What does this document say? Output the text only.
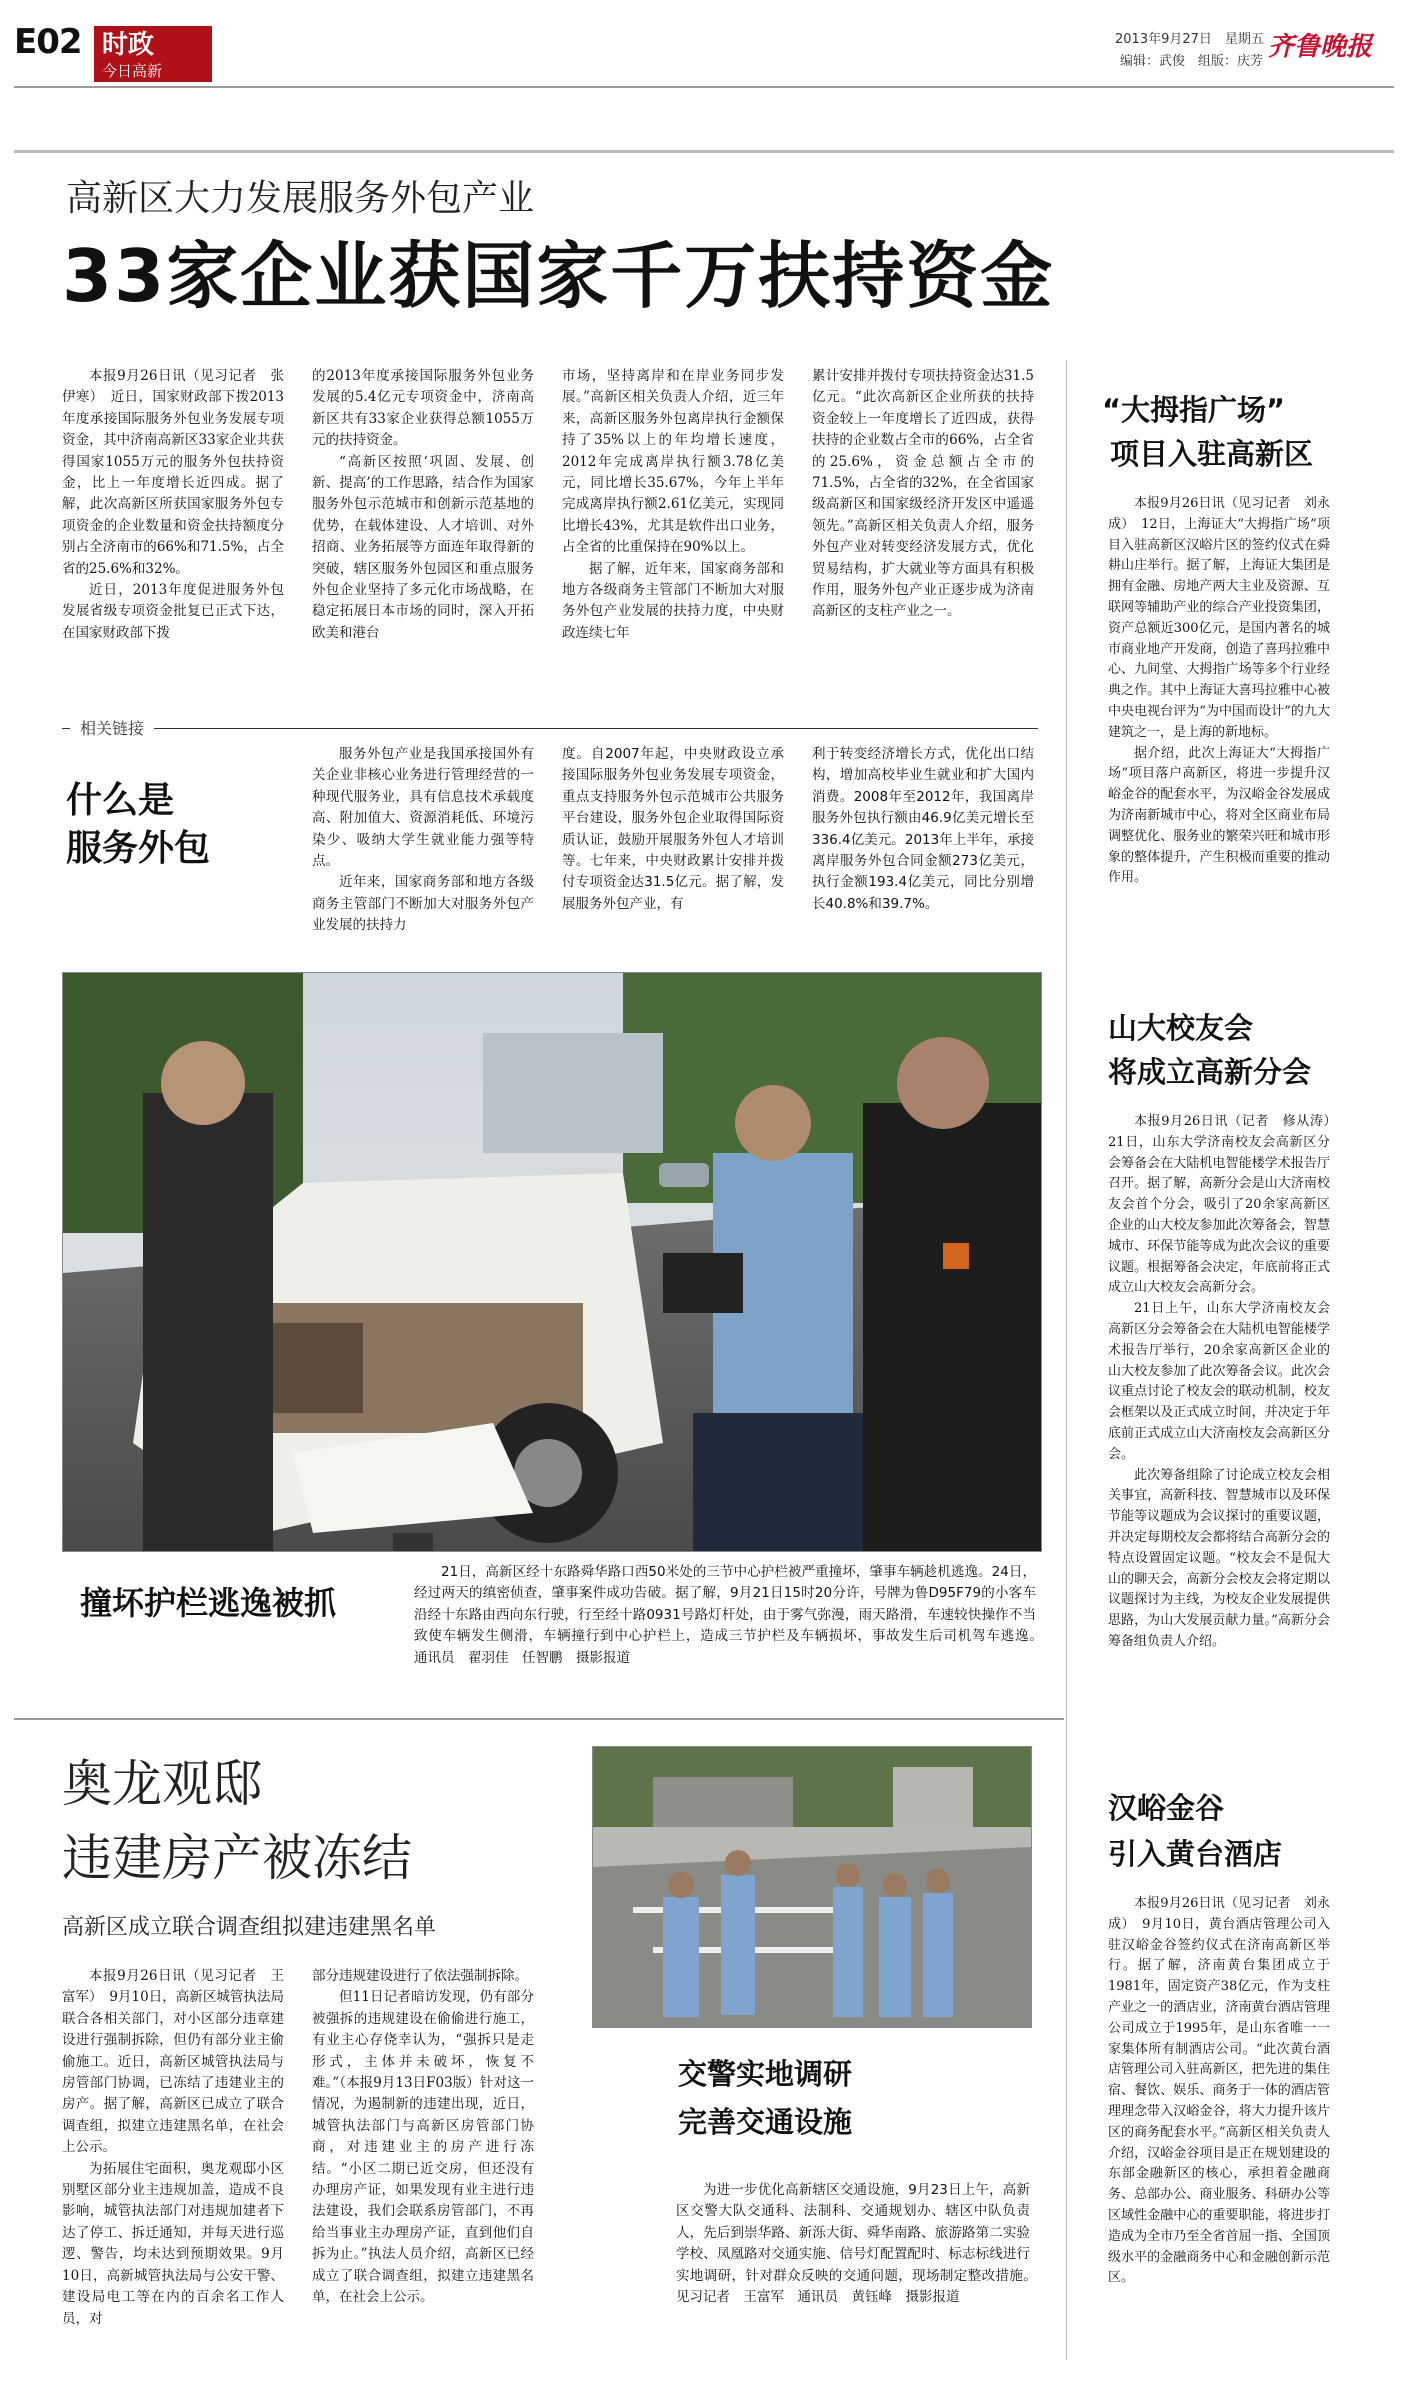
E02 时政
今日高新
2013年9月27日　星期五
编辑：武俊　组版：庆芳 齐鲁晚报
高新区大力发展服务外包产业
33家企业获国家千万扶持资金

本报9月26日讯（见习记者　张伊寒）　近日，国家财政部下拨2013年度承接国际服务外包业务发展专项资金，其中济南高新区33家企业共获得国家1055万元的服务外包扶持资金，比上一年度增长近四成。据了解，此次高新区所获国家服务外包专项资金的企业数量和资金扶持额度分别占全济南市的66%和71.5%，占全省的25.6%和32%。

近日，2013年度促进服务外包发展省级专项资金批复已正式下达，在国家财政部下拨

的2013年度承接国际服务外包业务发展的5.4亿元专项资金中，济南高新区共有33家企业获得总额1055万元的扶持资金。

“高新区按照‘巩固、发展、创新、提高’的工作思路，结合作为国家服务外包示范城市和创新示范基地的优势，在载体建设、人才培训、对外招商、业务拓展等方面连年取得新的突破，辖区服务外包园区和重点服务外包企业坚持了多元化市场战略，在稳定拓展日本市场的同时，深入开拓欧美和港台

市场，坚持离岸和在岸业务同步发展。”高新区相关负责人介绍，近三年来，高新区服务外包离岸执行金额保持了35%以上的年均增长速度，2012年完成离岸执行额3.78亿美元，同比增长35.67%，今年上半年完成离岸执行额2.61亿美元，实现同比增长43%，尤其是软件出口业务，占全省的比重保持在90%以上。

据了解，近年来，国家商务部和地方各级商务主管部门不断加大对服务外包产业发展的扶持力度，中央财政连续七年

累计安排并拨付专项扶持资金达31.5亿元。“此次高新区企业所获的扶持资金较上一年度增长了近四成，获得扶持的企业数占全市的66%，占全省的25.6%，资金总额占全市的71.5%，占全省的32%，在全省国家级高新区和国家级经济开发区中遥遥领先。”高新区相关负责人介绍，服务外包产业对转变经济发展方式，优化贸易结构，扩大就业等方面具有积极作用，服务外包产业正逐步成为济南高新区的支柱产业之一。

相关链接
什么是
服务外包

服务外包产业是我国承接国外有关企业非核心业务进行管理经营的一种现代服务业，具有信息技术承载度高、附加值大、资源消耗低、环境污染少、吸纳大学生就业能力强等特点。

近年来，国家商务部和地方各级商务主管部门不断加大对服务外包产业发展的扶持力

度。自2007年起，中央财政设立承接国际服务外包业务发展专项资金，重点支持服务外包示范城市公共服务平台建设，服务外包企业取得国际资质认证，鼓励开展服务外包人才培训等。七年来，中央财政累计安排并拨付专项资金达31.5亿元。据了解，发展服务外包产业，有

利于转变经济增长方式，优化出口结构，增加高校毕业生就业和扩大国内消费。2008年至2012年，我国离岸服务外包执行额由46.9亿美元增长至336.4亿美元。2013年上半年，承接离岸服务外包合同金额273亿美元，执行金额193.4亿美元，同比分别增长40.8%和39.7%。

“大拇指广场”
项目入驻高新区

本报9月26日讯（见习记者　刘永成）　12日，上海证大“大拇指广场”项目入驻高新区汉峪片区的签约仪式在舜耕山庄举行。据了解，上海证大集团是拥有金融、房地产两大主业及资源、互联网等辅助产业的综合产业投资集团，资产总额近300亿元，是国内著名的城市商业地产开发商，创造了喜玛拉雅中心、九间堂、大拇指广场等多个行业经典之作。其中上海证大喜玛拉雅中心被中央电视台评为“为中国而设计”的九大建筑之一，是上海的新地标。

据介绍，此次上海证大“大拇指广场”项目落户高新区，将进一步提升汉峪金谷的配套水平，为汉峪金谷发展成为济南新城市中心，将对全区商业布局调整优化、服务业的繁荣兴旺和城市形象的整体提升，产生积极而重要的推动作用。

山大校友会
将成立高新分会

本报9月26日讯（记者　修从涛）　21日，山东大学济南校友会高新区分会筹备会在大陆机电智能楼学术报告厅召开。据了解，高新分会是山大济南校友会首个分会，吸引了20余家高新区企业的山大校友参加此次筹备会，智慧城市、环保节能等成为此次会议的重要议题。根据筹备会决定，年底前将正式成立山大校友会高新分会。

21日上午，山东大学济南校友会高新区分会筹备会在大陆机电智能楼学术报告厅举行，20余家高新区企业的山大校友参加了此次筹备会议。此次会议重点讨论了校友会的联动机制，校友会框架以及正式成立时间，并决定于年底前正式成立山大济南校友会高新区分会。

此次筹备组除了讨论成立校友会相关事宜，高新科技、智慧城市以及环保节能等议题成为会议探讨的重要议题，并决定每期校友会都将结合高新分会的特点设置固定议题。“校友会不是侃大山的聊天会，高新分会校友会将定期以议题探讨为主线，为校友企业发展提供思路，为山大发展贡献力量。”高新分会筹备组负责人介绍。

汉峪金谷
引入黄台酒店

本报9月26日讯（见习记者　刘永成）　9月10日，黄台酒店管理公司入驻汉峪金谷签约仪式在济南高新区举行。据了解，济南黄台集团成立于1981年，固定资产38亿元，作为支柱产业之一的酒店业，济南黄台酒店管理公司成立于1995年，是山东省唯一一家集体所有制酒店公司。“此次黄台酒店管理公司入驻高新区，把先进的集住宿、餐饮、娱乐、商务于一体的酒店管理理念带入汉峪金谷，将大力提升该片区的商务配套水平。”高新区相关负责人介绍，汉峪金谷项目是正在规划建设的东部金融新区的核心，承担着金融商务、总部办公、商业服务、科研办公等区域性金融中心的重要职能，将进步打造成为全市乃至全省首屈一指、全国顶级水平的金融商务中心和金融创新示范区。

撞坏护栏逃逸被抓
21日，高新区经十东路舜华路口西50米处的三节中心护栏被严重撞坏，肇事车辆趁机逃逸。24日，经过两天的缜密侦查，肇事案件成功告破。据了解，9月21日15时20分许，号牌为鲁D95F79的小客车沿经十东路由西向东行驶，行至经十路0931号路灯杆处，由于雾气弥漫，雨天路滑，车速较快操作不当致使车辆发生侧滑，车辆撞行到中心护栏上，造成三节护栏及车辆损坏，事故发生后司机驾车逃逸。　　通讯员　翟羽佳　任智鹏　摄影报道
奥龙观邸
违建房产被冻结
高新区成立联合调查组拟建违建黑名单

本报9月26日讯（见习记者　王富军）　9月10日，高新区城管执法局联合各相关部门，对小区部分违章建设进行强制拆除，但仍有部分业主偷偷施工。近日，高新区城管执法局与房管部门协调，已冻结了违建业主的房产。据了解，高新区已成立了联合调查组，拟建立违建黑名单，在社会上公示。

为拓展住宅面积，奥龙观邸小区别墅区部分业主违规加盖，造成不良影响，城管执法部门对违规加建者下达了停工、拆迁通知，并每天进行巡逻、警告，均未达到预期效果。9月10日，高新城管执法局与公安干警、建设局电工等在内的百余名工作人员，对

部分违规建设进行了依法强制拆除。

但11日记者暗访发现，仍有部分被强拆的违规建设在偷偷进行施工，有业主心存侥幸认为，“强拆只是走形式，主体并未破坏，恢复不难。”（本报9月13日F03版）针对这一情况，为遏制新的违建出现，近日，城管执法部门与高新区房管部门协商，对违建业主的房产进行冻结。“小区二期已近交房，但还没有办理房产证，如果发现有业主进行违法建设，我们会联系房管部门，不再给当事业主办理房产证，直到他们自拆为止。”执法人员介绍，高新区已经成立了联合调查组，拟建立违建黑名单，在社会上公示。

交警实地调研
完善交通设施
为进一步优化高新辖区交通设施，9月23日上午，高新区交警大队交通科、法制科、交通规划办、辖区中队负责人，先后到崇华路、新泺大街、舜华南路、旅游路第二实验学校、凤凰路对交通实施、信号灯配置配时、标志标线进行实地调研，针对群众反映的交通问题，现场制定整改措施。　　见习记者　王富军　通讯员　黄钰峰　摄影报道
